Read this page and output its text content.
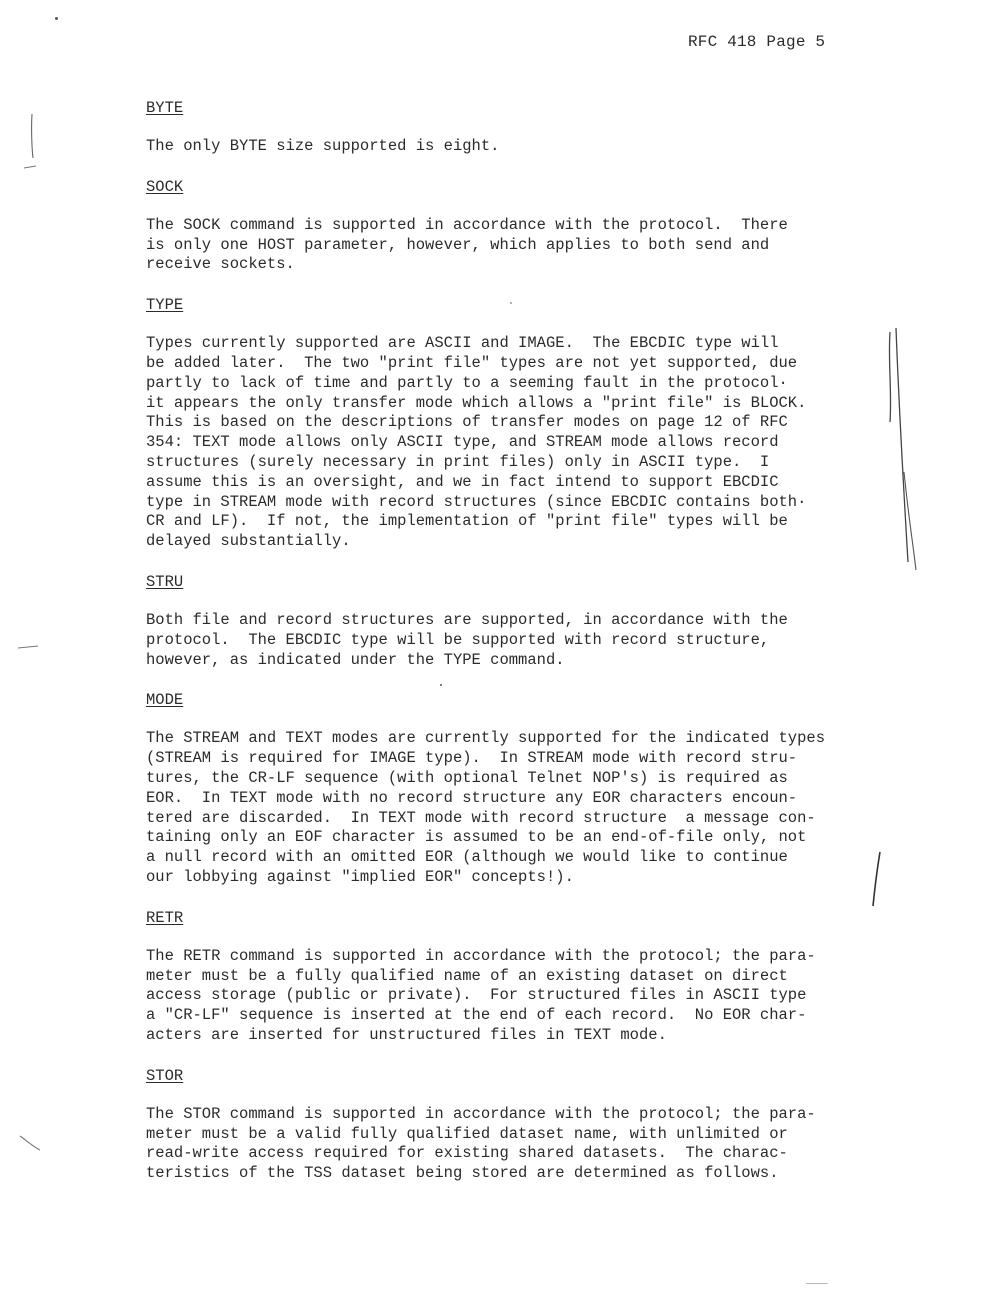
RFC 418 Page 5

BYTE

The only BYTE size supported is eight.

SOCK

The SOCK command is supported in accordance with the protocol.  There
is only one HOST parameter, however, which applies to both send and
receive sockets.

TYPE

Types currently supported are ASCII and IMAGE.  The EBCDIC type will
be added later.  The two "print file" types are not yet supported, due
partly to lack of time and partly to a seeming fault in the protocol·
it appears the only transfer mode which allows a "print file" is BLOCK.
This is based on the descriptions of transfer modes on page 12 of RFC
354: TEXT mode allows only ASCII type, and STREAM mode allows record
structures (surely necessary in print files) only in ASCII type.  I
assume this is an oversight, and we in fact intend to support EBCDIC
type in STREAM mode with record structures (since EBCDIC contains both·
CR and LF).  If not, the implementation of "print file" types will be
delayed substantially.

STRU

Both file and record structures are supported, in accordance with the
protocol.  The EBCDIC type will be supported with record structure,
however, as indicated under the TYPE command.

MODE

The STREAM and TEXT modes are currently supported for the indicated types
(STREAM is required for IMAGE type).  In STREAM mode with record stru-
tures, the CR-LF sequence (with optional Telnet NOP's) is required as
EOR.  In TEXT mode with no record structure any EOR characters encoun-
tered are discarded.  In TEXT mode with record structure  a message con-
taining only an EOF character is assumed to be an end-of-file only, not
a null record with an omitted EOR (although we would like to continue
our lobbying against "implied EOR" concepts!).

RETR

The RETR command is supported in accordance with the protocol; the para-
meter must be a fully qualified name of an existing dataset on direct
access storage (public or private).  For structured files in ASCII type
a "CR-LF" sequence is inserted at the end of each record.  No EOR char-
acters are inserted for unstructured files in TEXT mode.

STOR

The STOR command is supported in accordance with the protocol; the para-
meter must be a valid fully qualified dataset name, with unlimited or
read-write access required for existing shared datasets.  The charac-
teristics of the TSS dataset being stored are determined as follows.
